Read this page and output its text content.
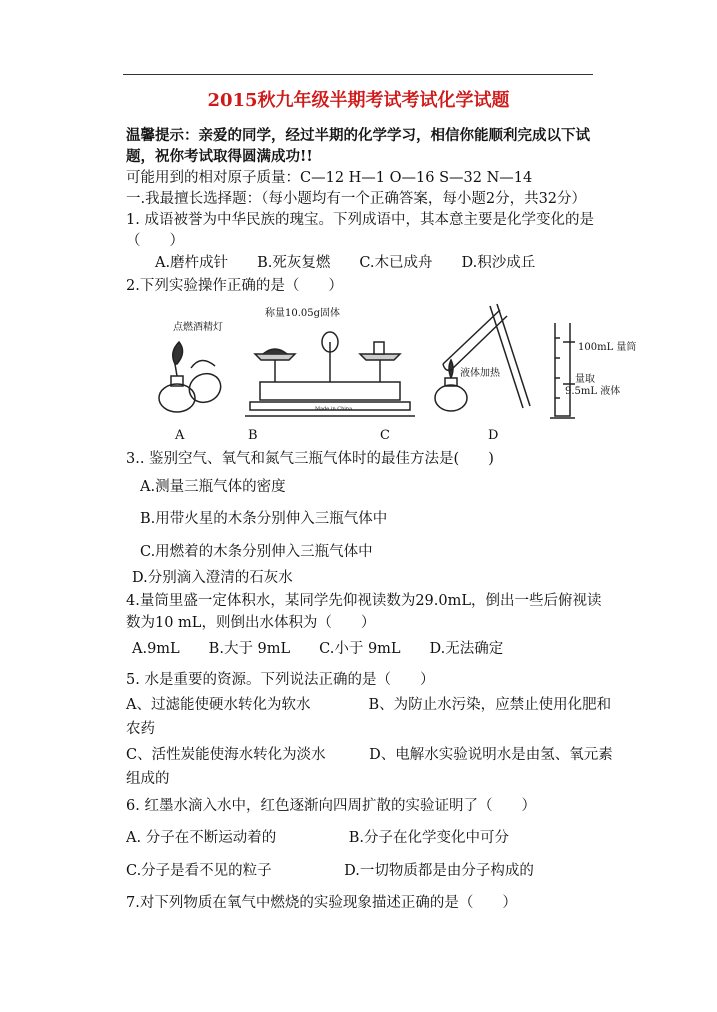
2015秋九年级半期考试考试化学试题
温馨提示：亲爱的同学，经过半期的化学学习，相信你能顺利完成以下试
题，祝你考试取得圆满成功!!
可能用到的相对原子质量：C—12 H—1 O—16 S—32 N—14
一.我最擅长选择题：（每小题均有一个正确答案，每小题2分，共32分）
1. 成语被誉为中华民族的瑰宝。下列成语中，其本意主要是化学变化的是
（　　）
A.磨杵成针　　B.死灰复燃　　C.木已成舟　　D.积沙成丘
2.下列实验操作正确的是（　　）
点燃酒精灯
称量10.05g固体
Made in China
液体加热
100mL 量筒
量取
9.5mL 液体
A	B	C	D
3.. 鉴别空气、氧气和氮气三瓶气体时的最佳方法是(　　)
A.测量三瓶气体的密度
B.用带火星的木条分别伸入三瓶气体中
C.用燃着的木条分别伸入三瓶气体中
D.分别滴入澄清的石灰水
4.量筒里盛一定体积水，某同学先仰视读数为29.0mL，倒出一些后俯视读
数为10 mL，则倒出水体积为（　　）
A.9mL　　B.大于 9mL　　C.小于 9mL　　D.无法确定
5. 水是重要的资源。下列说法正确的是（　　）
A、过滤能使硬水转化为软水　　　　B、为防止水污染，应禁止使用化肥和
农药
C、活性炭能使海水转化为淡水　　　D、电解水实验说明水是由氢、氧元素
组成的
6. 红墨水滴入水中，红色逐渐向四周扩散的实验证明了（　　）
A. 分子在不断运动着的　　　　　B.分子在化学变化中可分
C.分子是看不见的粒子　　　　　D.一切物质都是由分子构成的
7.对下列物质在氧气中燃烧的实验现象描述正确的是（　　）
